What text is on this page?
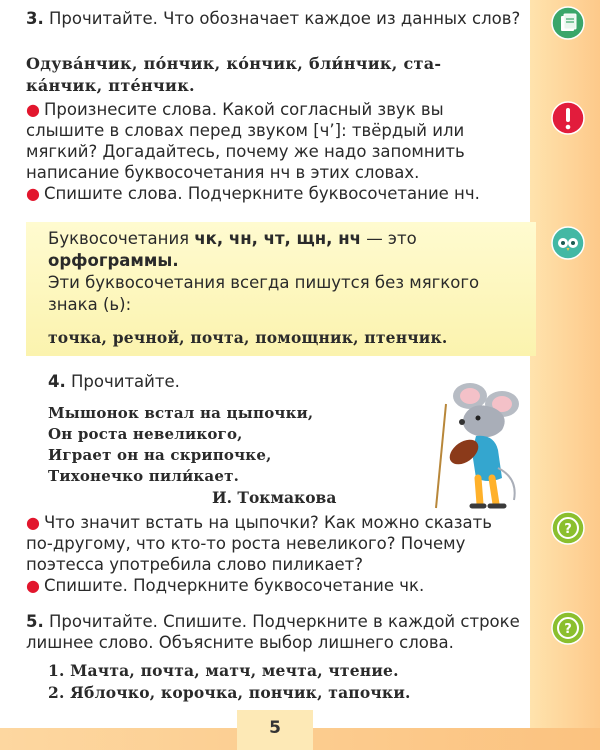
3. Прочитайте. Что обозначает каждое из данных слов?

Одува́нчик, по́нчик, ко́нчик, бли́нчик, ста-
ка́нчик, пте́нчик.

● Произнесите слова. Какой согласный звук вы слышите в словах перед звуком [ч’]: твёрдый или мягкий? Догадайтесь, почему же надо запомнить написание буквосочетания нч в этих словах.

● Спишите слова. Подчеркните буквосочетание нч.

Буквосочетания чк, чн, чт, щн, нч — это

орфограммы.

Эти буквосочетания всегда пишутся без мягкого знака (ь):

точка, речной, почта, помощник, птенчик.

4. Прочитайте.

Мышонок встал на цыпочки,
Он роста невеликого,
Играет он на скрипочке,
Тихонечко пили́кает.
И. Токмакова

● Что значит встать на цыпочки? Как можно сказать по-другому, что кто-то роста невеликого? Почему поэтесса употребила слово пиликает?

● Спишите. Подчеркните буквосочетание чк.

5. Прочитайте. Спишите. Подчеркните в каждой строке лишнее слово. Объясните выбор лишнего слова.

1. Мачта, почта, матч, мечта, чтение.
2. Яблочко, корочка, пончик, тапочки.
?
?
5
